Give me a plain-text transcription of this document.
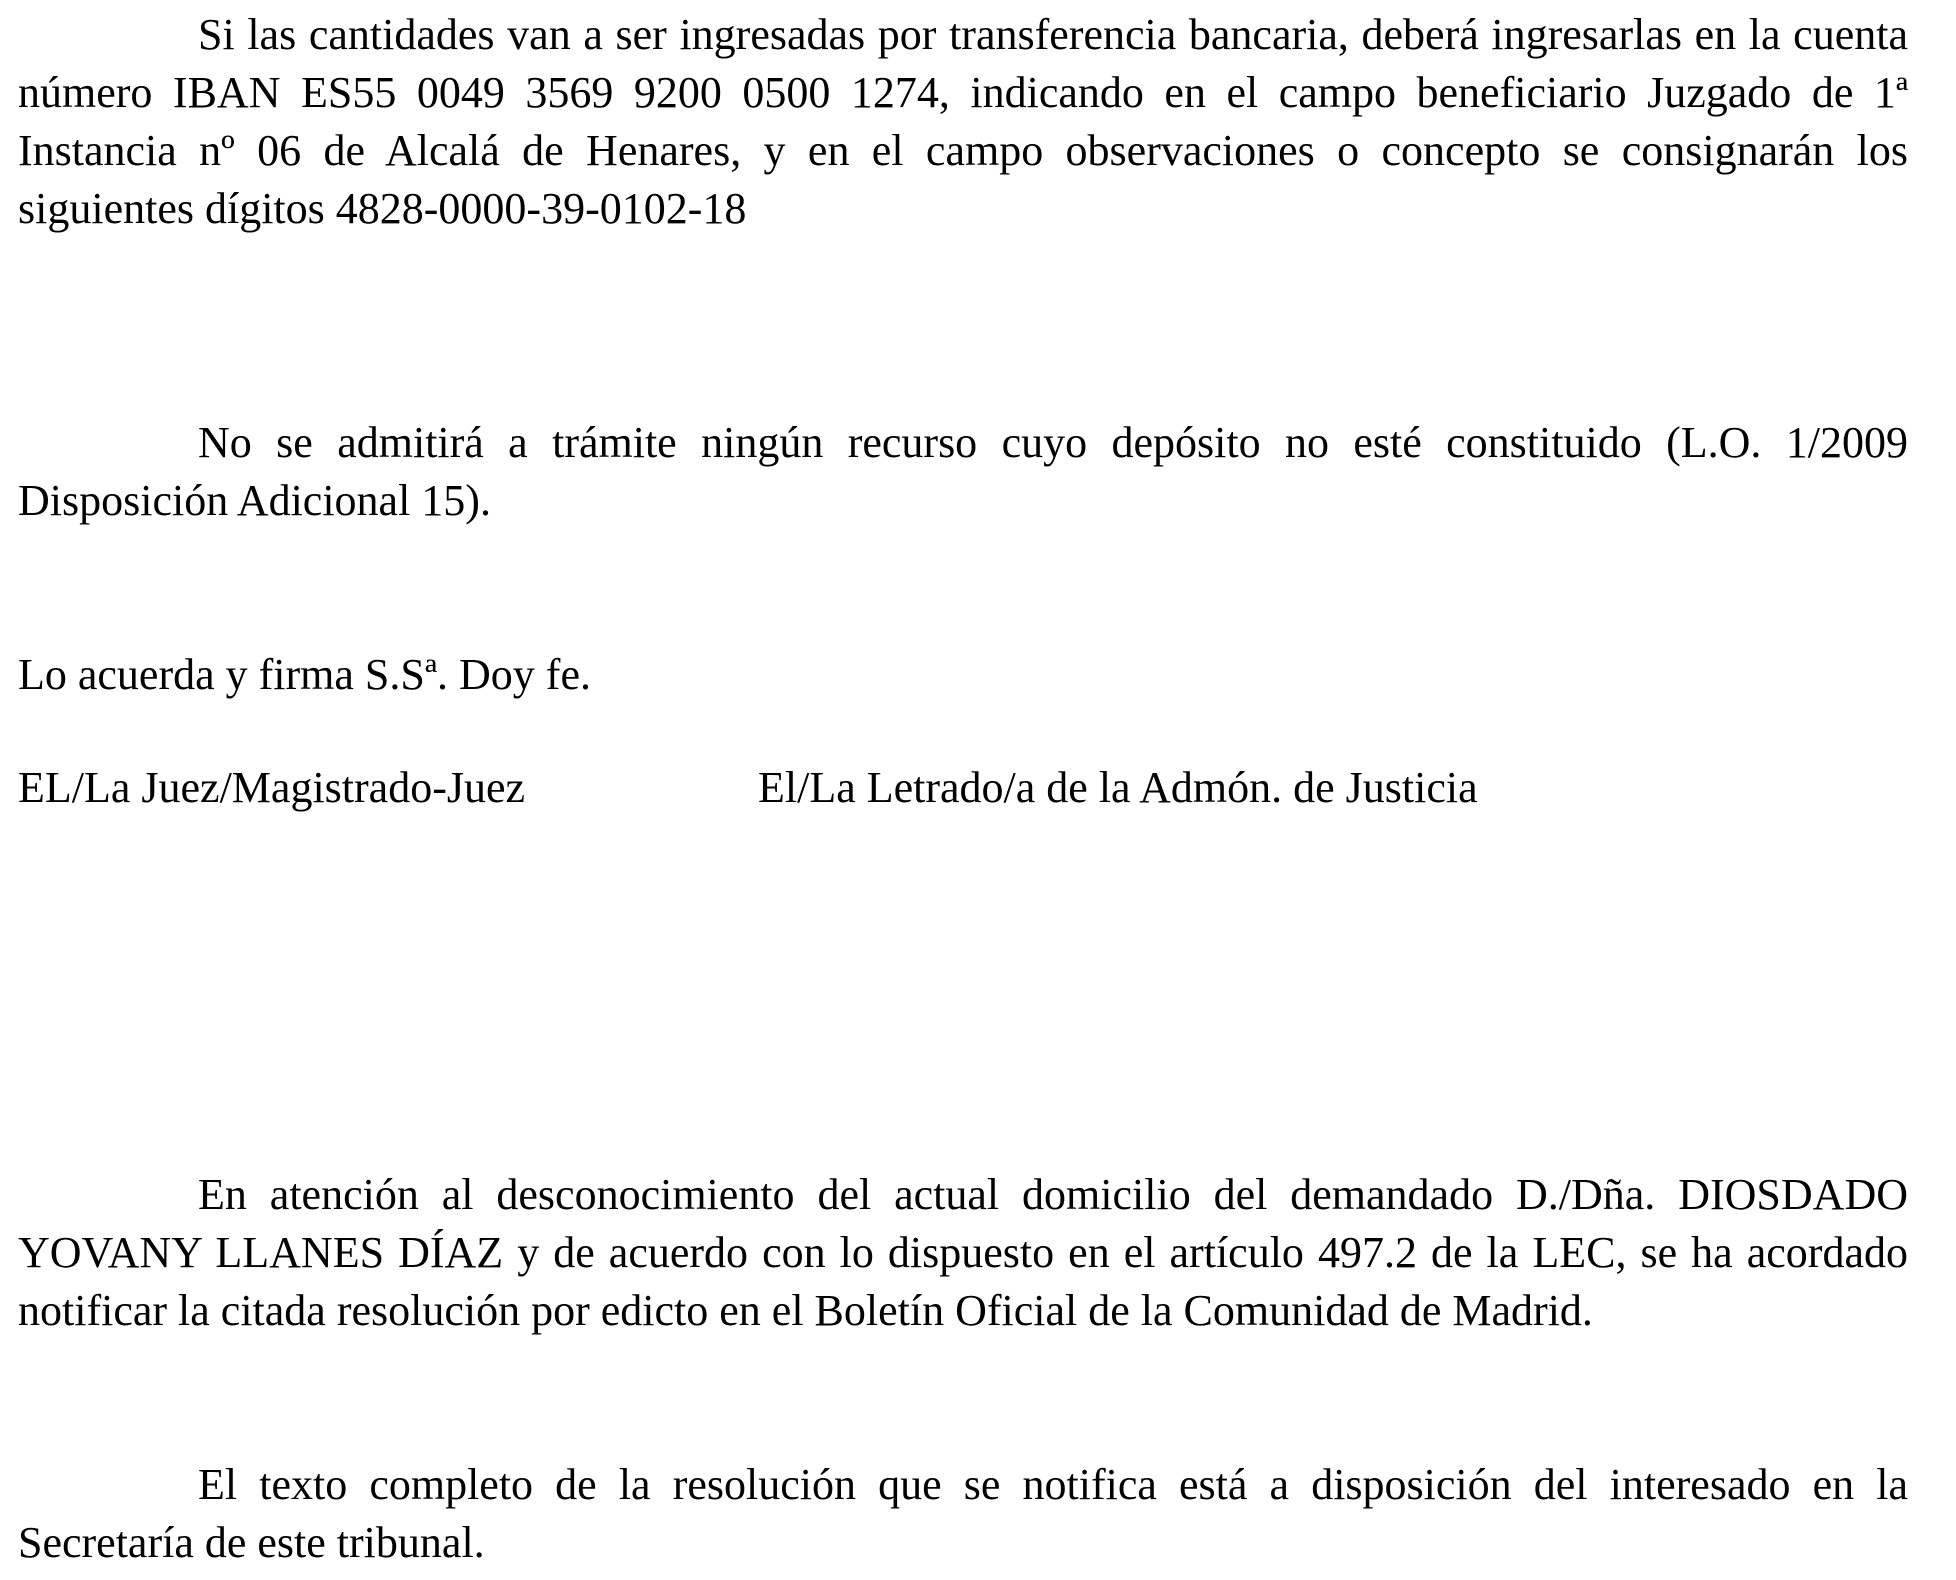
Si las cantidades van a ser ingresadas por transferencia bancaria, deberá ingresarlas en la cuenta número IBAN ES55 0049 3569 9200 0500 1274, indicando en el campo beneficiario Juzgado de 1ª Instancia nº 06 de Alcalá de Henares, y en el campo observaciones o concepto se consignarán los siguientes dígitos 4828-0000-39-0102-18

No se admitirá a trámite ningún recurso cuyo depósito no esté constituido (L.O. 1/2009 Disposición Adicional 15).

Lo acuerda y firma S.Sª. Doy fe.

EL/La Juez/Magistrado-Juez	El/La Letrado/a de la Admón. de Justicia

En atención al desconocimiento del actual domicilio del demandado D./Dña. DIOSDADO YOVANY LLANES DÍAZ y de acuerdo con lo dispuesto en el artículo 497.2 de la LEC, se ha acordado notificar la citada resolución por edicto en el Boletín Oficial de la Comunidad de Madrid.

El texto completo de la resolución que se notifica está a disposición del interesado en la Secretaría de este tribunal.
